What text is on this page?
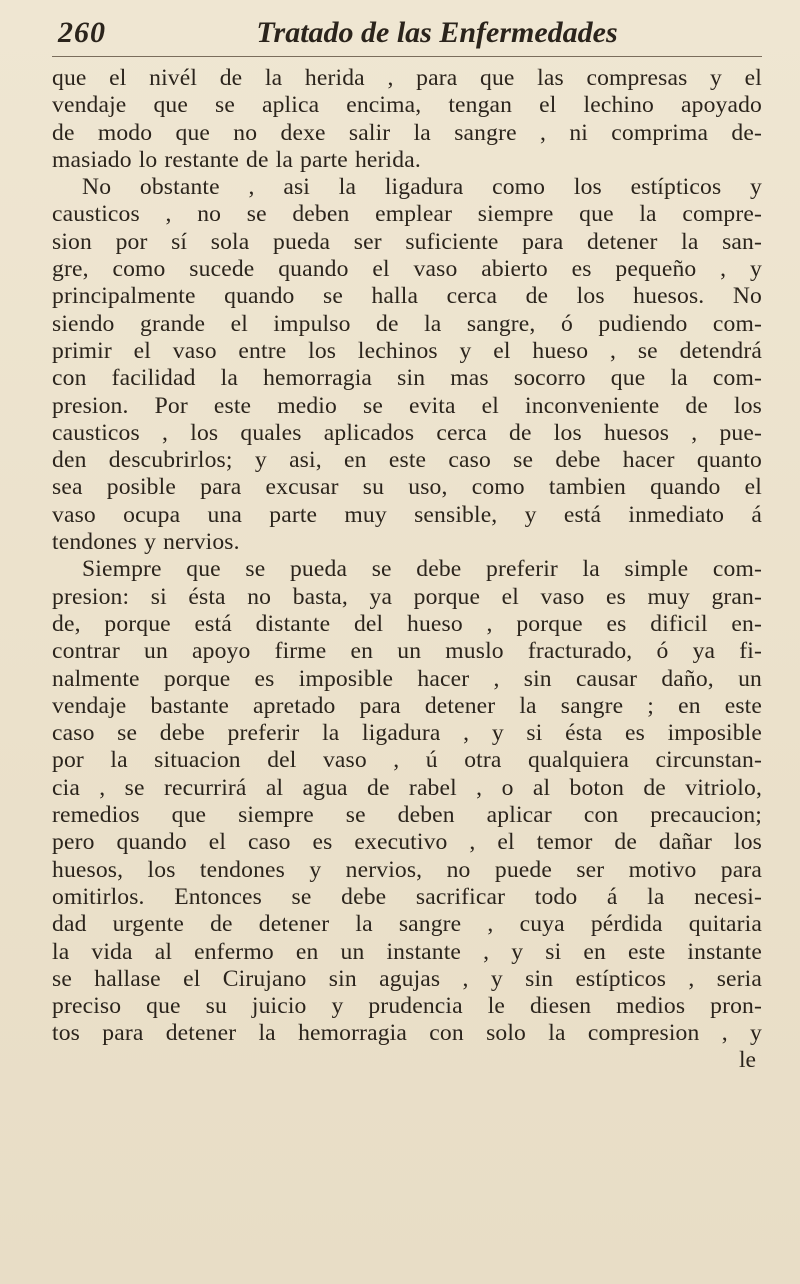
260	Tratado de las Enfermedades
que el nivél de la herida , para que las compresas y el
vendaje que se aplica encima, tengan el lechino apoyado
de modo que no dexe salir la sangre , ni comprima de-
masiado lo restante de la parte herida.
No obstante , asi la ligadura como los estípticos y
causticos , no se deben emplear siempre que la compre-
sion por sí sola pueda ser suficiente para detener la san-
gre, como sucede quando el vaso abierto es pequeño , y
principalmente quando se halla cerca de los huesos. No
siendo grande el impulso de la sangre, ó pudiendo com-
primir el vaso entre los lechinos y el hueso , se detendrá
con facilidad la hemorragia sin mas socorro que la com-
presion. Por este medio se evita el inconveniente de los
causticos , los quales aplicados cerca de los huesos , pue-
den descubrirlos; y asi, en este caso se debe hacer quanto
sea posible para excusar su uso, como tambien quando el
vaso ocupa una parte muy sensible, y está inmediato á
tendones y nervios.
Siempre que se pueda se debe preferir la simple com-
presion: si ésta no basta, ya porque el vaso es muy gran-
de, porque está distante del hueso , porque es dificil en-
contrar un apoyo firme en un muslo fracturado, ó ya fi-
nalmente porque es imposible hacer , sin causar daño, un
vendaje bastante apretado para detener la sangre ; en este
caso se debe preferir la ligadura , y si ésta es imposible
por la situacion del vaso , ú otra qualquiera circunstan-
cia , se recurrirá al agua de rabel , o al boton de vitriolo,
remedios que siempre se deben aplicar con precaucion;
pero quando el caso es executivo , el temor de dañar los
huesos, los tendones y nervios, no puede ser motivo para
omitirlos. Entonces se debe sacrificar todo á la necesi-
dad urgente de detener la sangre , cuya pérdida quitaria
la vida al enfermo en un instante , y si en este instante
se hallase el Cirujano sin agujas , y sin estípticos , seria
preciso que su juicio y prudencia le diesen medios pron-
tos para detener la hemorragia con solo la compresion , y
le
